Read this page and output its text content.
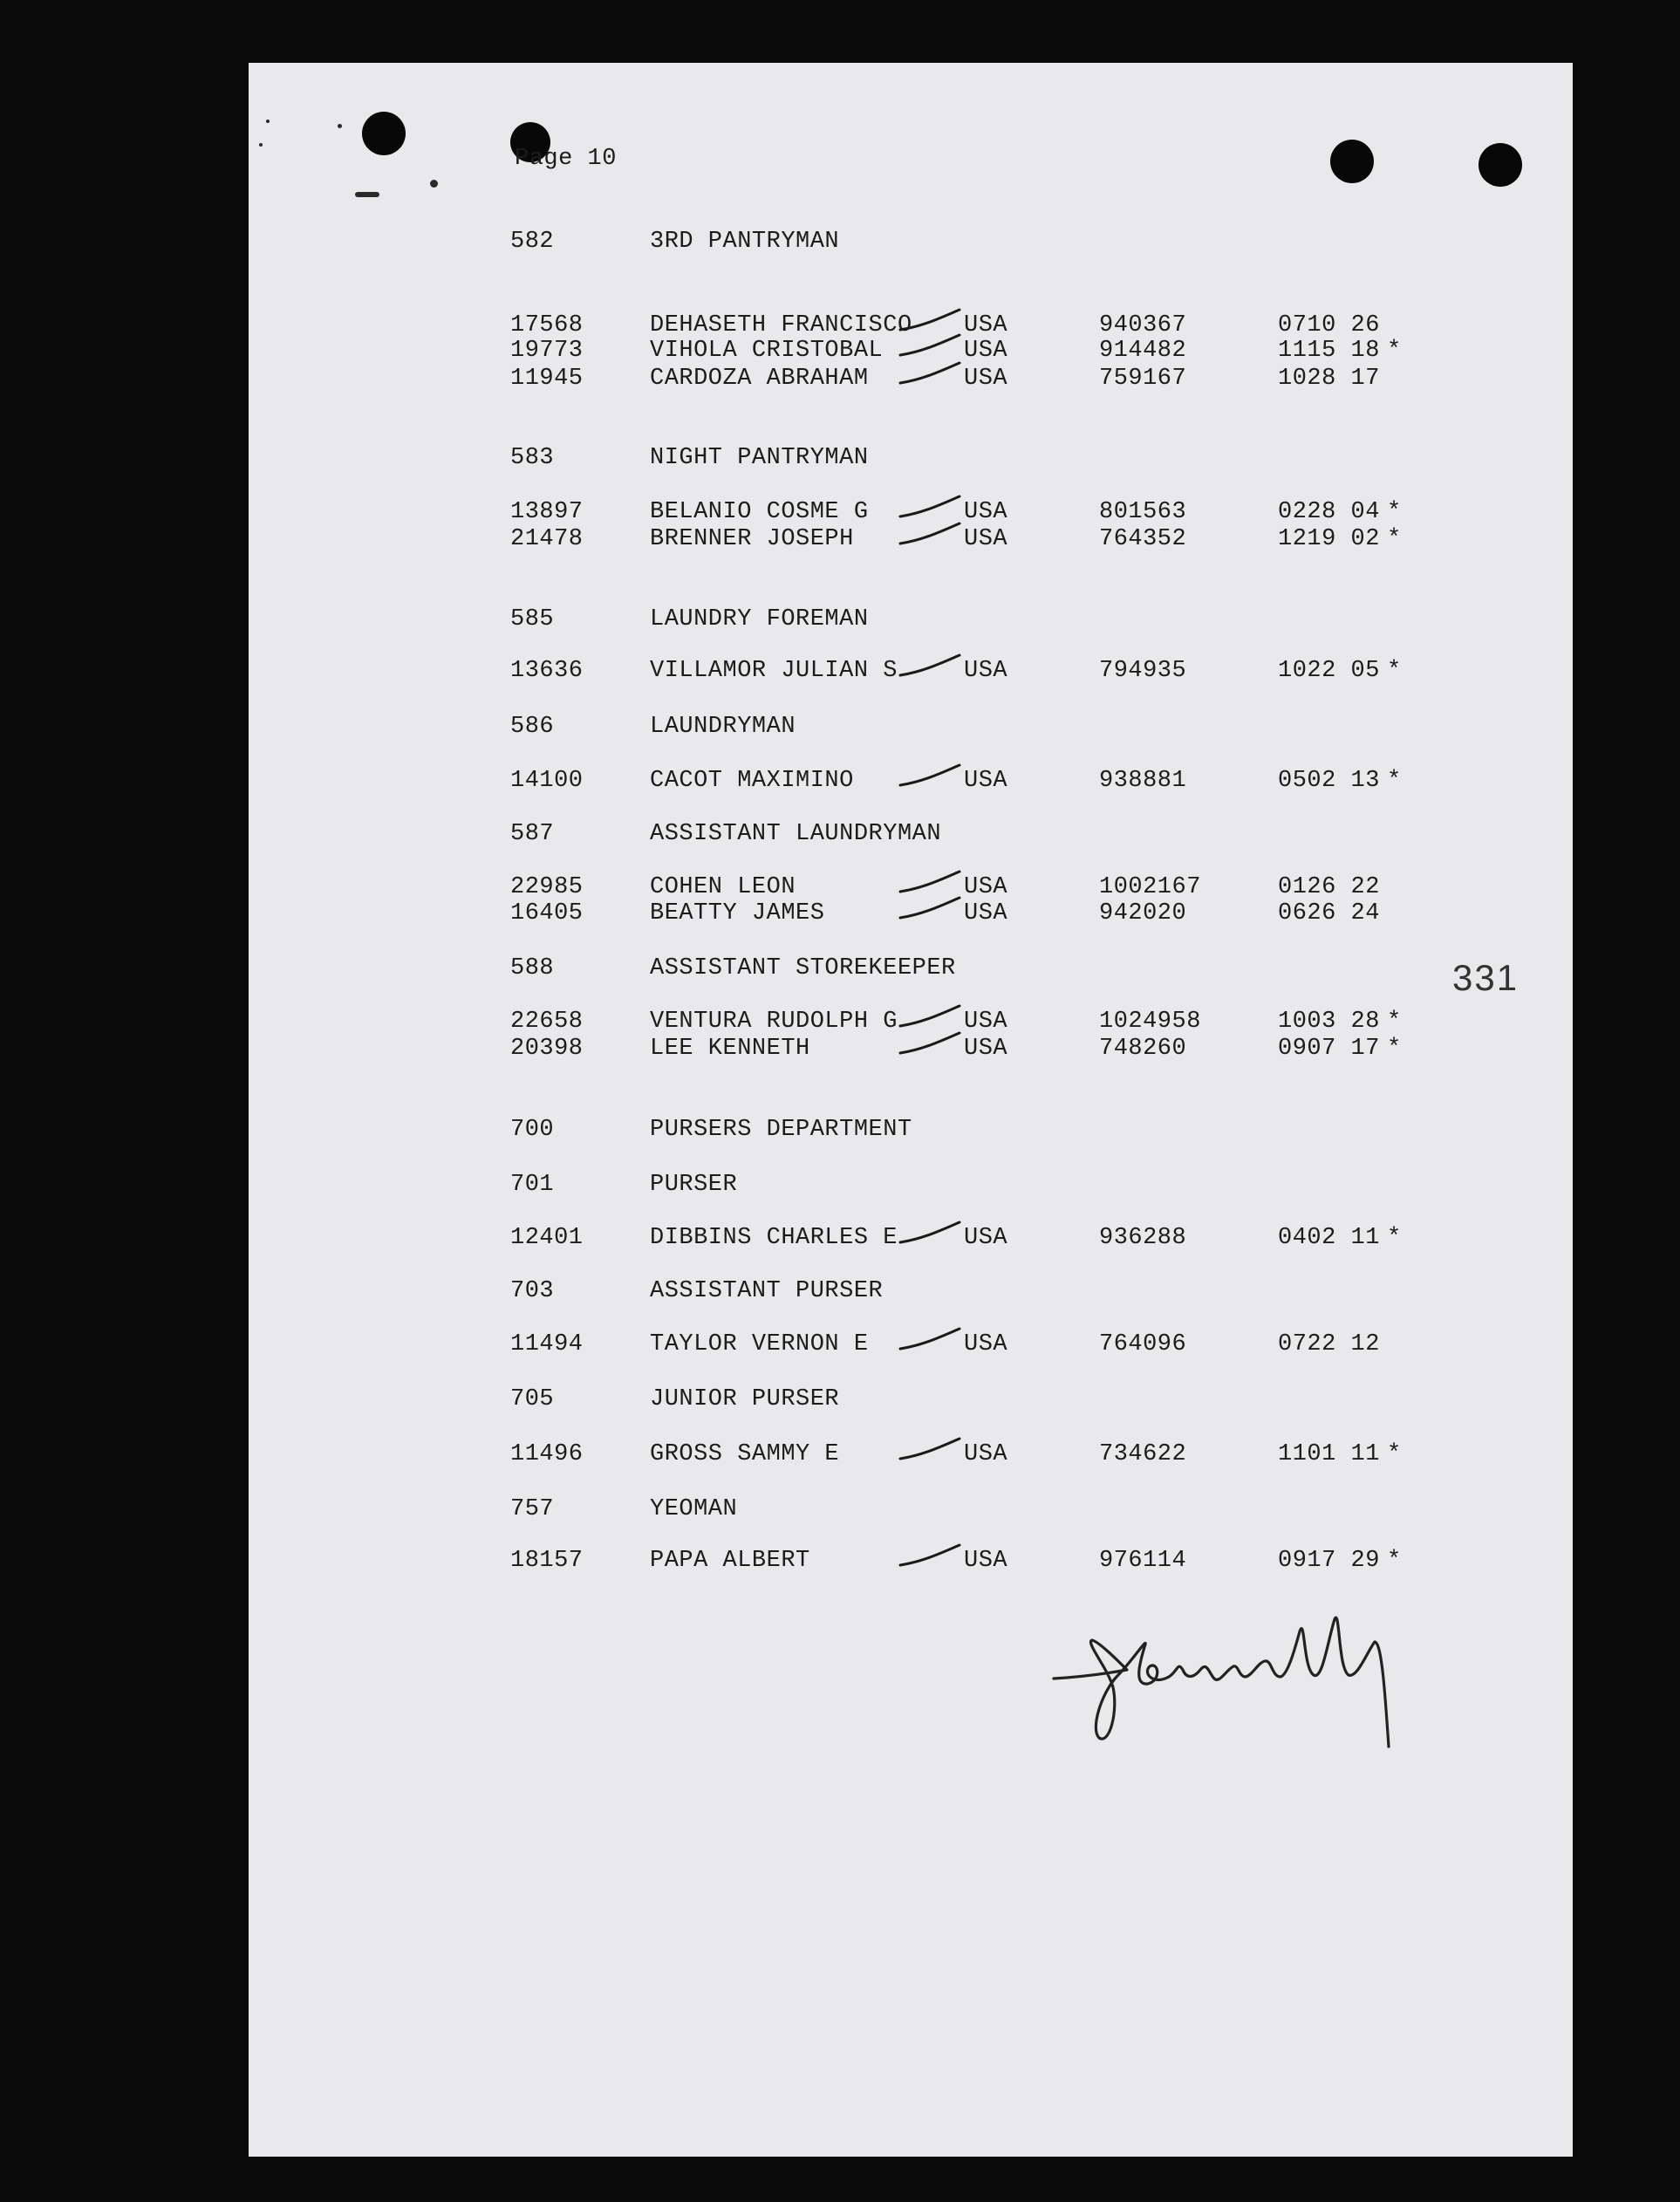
Page 10
582	3RD PANTRYMAN
17568	DEHASETH FRANCISCO USA	940367	0710 26
19773	VIHOLA CRISTOBAL	USA	914482	1115 18 *
11945	CARDOZA ABRAHAM	USA	759167	1028 17
583	NIGHT PANTRYMAN
13897	BELANIO COSME G	USA	801563	0228 04 *
21478	BRENNER JOSEPH	USA	764352	1219 02 *
585	LAUNDRY FOREMAN
13636	VILLAMOR JULIAN S	USA	794935	1022 05 *
586	LAUNDRYMAN
14100	CACOT MAXIMINO	USA	938881	0502 13 *
587	ASSISTANT LAUNDRYMAN
22985	COHEN LEON	USA	1002167	0126 22
16405	BEATTY JAMES	USA	942020	0626 24
588	ASSISTANT STOREKEEPER
22658	VENTURA RUDOLPH G	USA	1024958	1003 28 *
20398	LEE KENNETH	USA	748260	0907 17 *
700	PURSERS DEPARTMENT
701	PURSER
12401	DIBBINS CHARLES E	USA	936288	0402 11 *
703	ASSISTANT PURSER
11494	TAYLOR VERNON E	USA	764096	0722 12
705	JUNIOR PURSER
11496	GROSS SAMMY E	USA	734622	1101 11 *
757	YEOMAN
18157	PAPA ALBERT	USA	976114	0917 29 *
331
